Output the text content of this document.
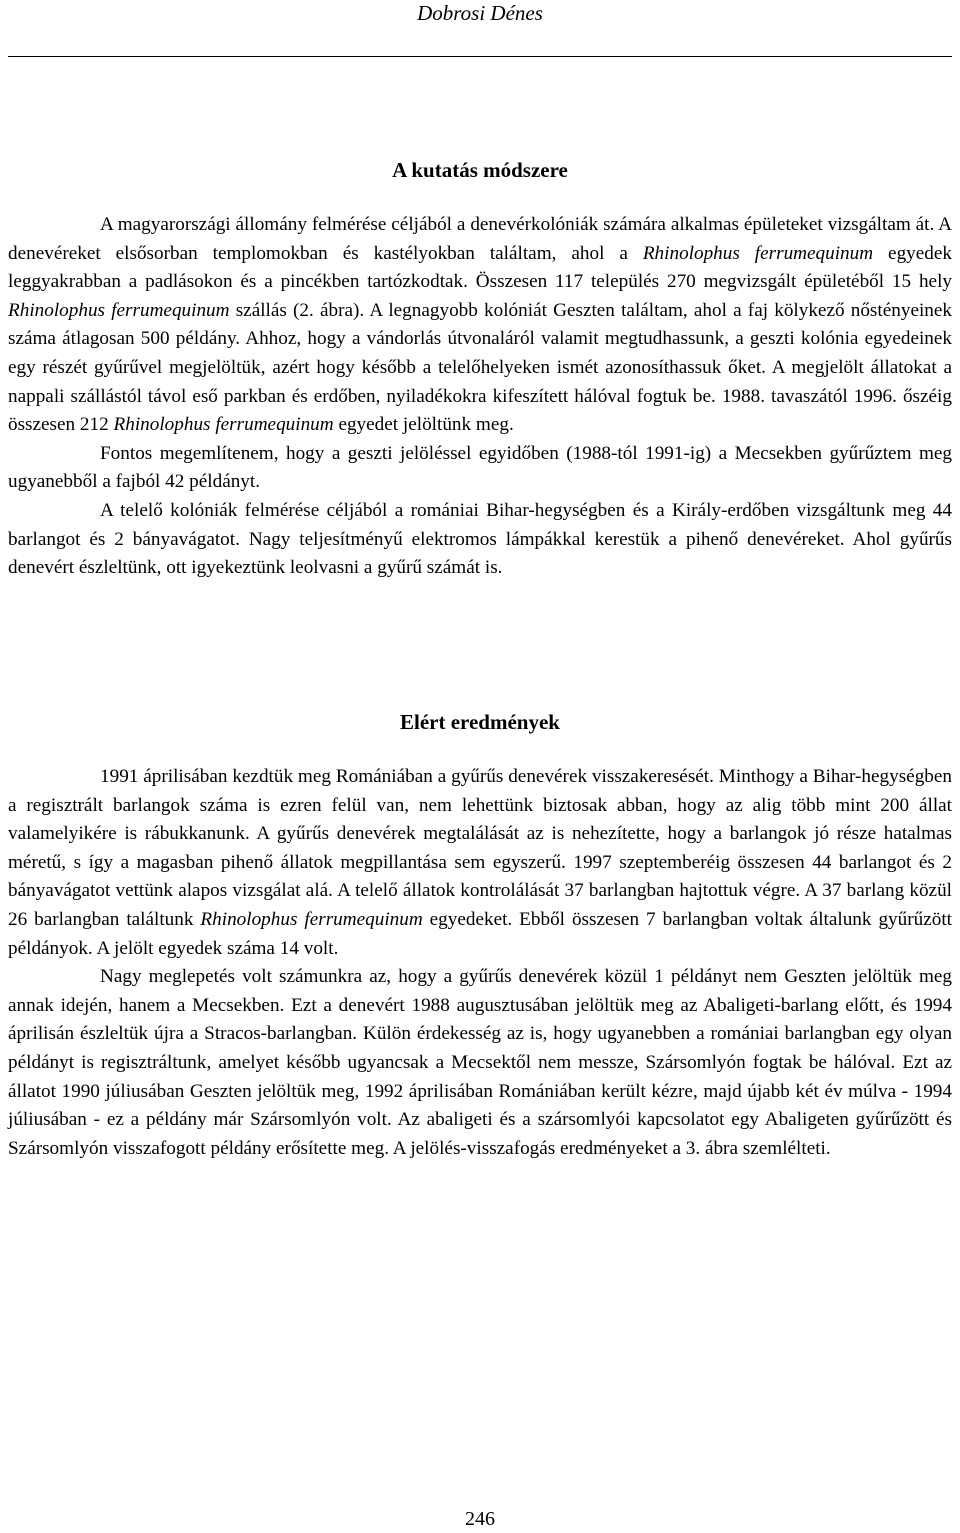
Dobrosi Dénes
A kutatás módszere

A magyarországi állomány felmérése céljából a denevérkolóniák számára alkalmas épületeket vizsgáltam át. A denevéreket elsősorban templomokban és kastélyokban találtam, ahol a Rhinolophus ferrumequinum egyedek leggyakrabban a padlásokon és a pincékben tartózkodtak. Összesen 117 település 270 megvizsgált épületéből 15 hely Rhinolophus ferrumequinum szállás (2. ábra). A legnagyobb kolóniát Geszten találtam, ahol a faj kölykező nőstényeinek száma átlagosan 500 példány. Ahhoz, hogy a vándorlás útvonaláról valamit megtudhassunk, a geszti kolónia egyedeinek egy részét gyűrűvel megjelöltük, azért hogy később a telelőhelyeken ismét azonosíthassuk őket. A megjelölt állatokat a nappali szállástól távol eső parkban és erdőben, nyiladékokra kifeszített hálóval fogtuk be. 1988. tavaszától 1996. őszéig összesen 212 Rhinolophus ferrumequinum egyedet jelöltünk meg.

Fontos megemlítenem, hogy a geszti jelöléssel egyidőben (1988-tól 1991-ig) a Mecsekben gyűrűztem meg ugyanebből a fajból 42 példányt.

A telelő kolóniák felmérése céljából a romániai Bihar-hegységben és a Király-erdőben vizsgáltunk meg 44 barlangot és 2 bányavágatot. Nagy teljesítményű elektromos lámpákkal kerestük a pihenő denevéreket. Ahol gyűrűs denevért észleltünk, ott igyekeztünk leolvasni a gyűrű számát is.

Elért eredmények

1991 áprilisában kezdtük meg Romániában a gyűrűs denevérek visszakeresését. Minthogy a Bihar-hegységben a regisztrált barlangok száma is ezren felül van, nem lehettünk biztosak abban, hogy az alig több mint 200 állat valamelyikére is rábukkanunk. A gyűrűs denevérek megtalálását az is nehezítette, hogy a barlangok jó része hatalmas méretű, s így a magasban pihenő állatok megpillantása sem egyszerű. 1997 szeptemberéig összesen 44 barlangot és 2 bányavágatot vettünk alapos vizsgálat alá. A telelő állatok kontrolálását 37 barlangban hajtottuk végre. A 37 barlang közül 26 barlangban találtunk Rhinolophus ferrumequinum egyedeket. Ebből összesen 7 barlangban voltak általunk gyűrűzött példányok. A jelölt egyedek száma 14 volt.

Nagy meglepetés volt számunkra az, hogy a gyűrűs denevérek közül 1 példányt nem Geszten jelöltük meg annak idején, hanem a Mecsekben. Ezt a denevért 1988 augusztusában jelöltük meg az Abaligeti-barlang előtt, és 1994 áprilisán észleltük újra a Stracos-barlangban. Külön érdekesség az is, hogy ugyanebben a romániai barlangban egy olyan példányt is regisztráltunk, amelyet később ugyancsak a Mecsektől nem messze, Szársomlyón fogtak be hálóval. Ezt az állatot 1990 júliusában Geszten jelöltük meg, 1992 áprilisában Romániában került kézre, majd újabb két év múlva - 1994 júliusában - ez a példány már Szársomlyón volt. Az abaligeti és a szársomlyói kapcsolatot egy Abaligeten gyűrűzött és Szársomlyón visszafogott példány erősítette meg. A jelölés-visszafogás eredményeket a 3. ábra szemlélteti.

246
